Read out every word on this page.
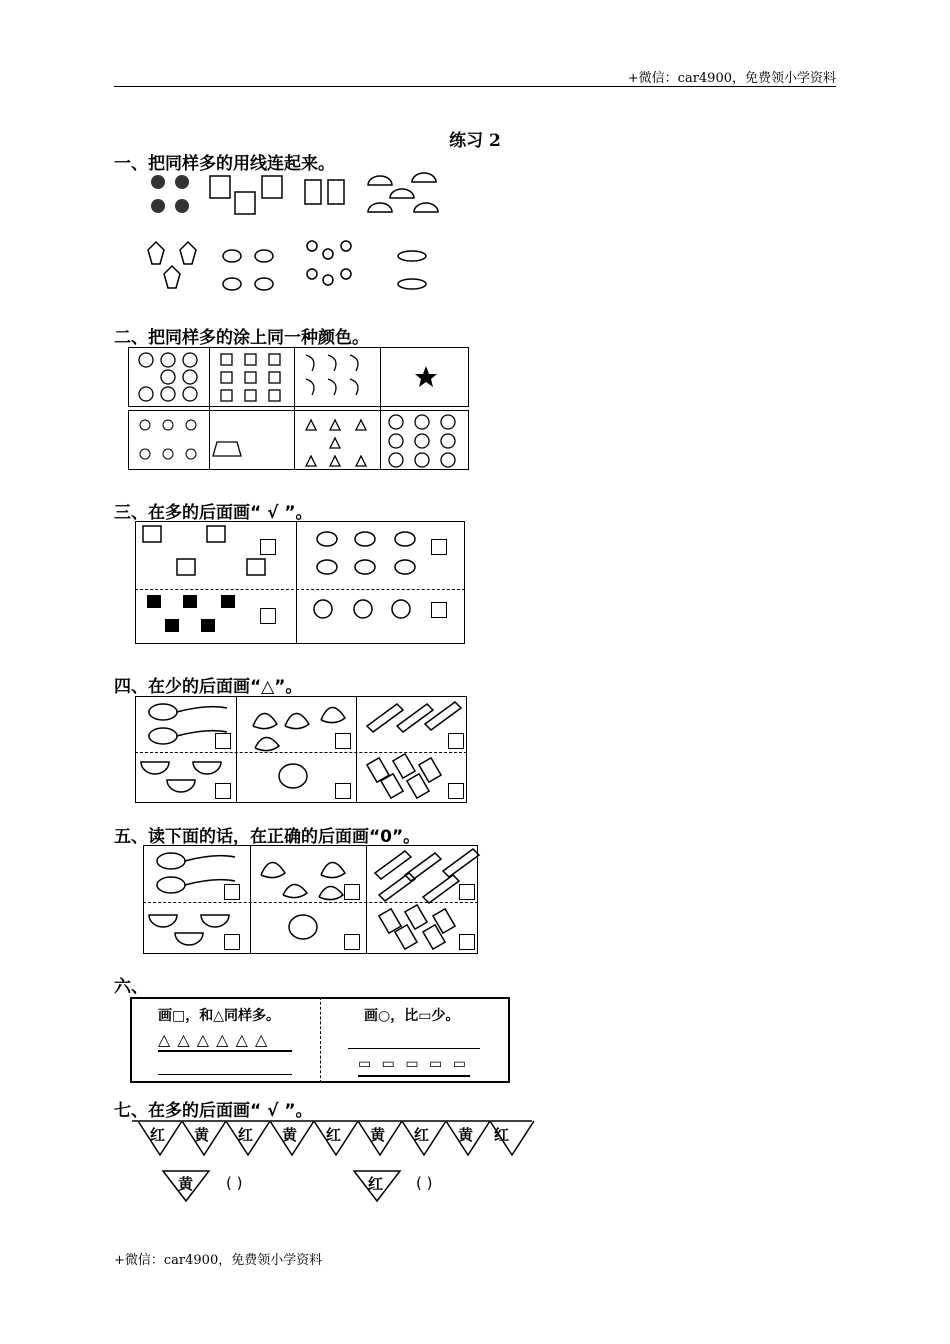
+微信：car4900，免费领小学资料
练习 2
一、把同样多的用线连起来。
二、把同样多的涂上同一种颜色。
三、在多的后面画“ √ ”。
四、在少的后面画“△”。
五、读下面的话，在正确的后面画“0”。
六、
画□，和△同样多。
△ △ △ △ △ △
画○，比▭少。
▭ ▭ ▭ ▭ ▭
七、在多的后面画“ √ ”。
红 黄 红 黄 红 黄 红 黄 红
黄 ( )	红 ( )
+微信：car4900，免费领小学资料
